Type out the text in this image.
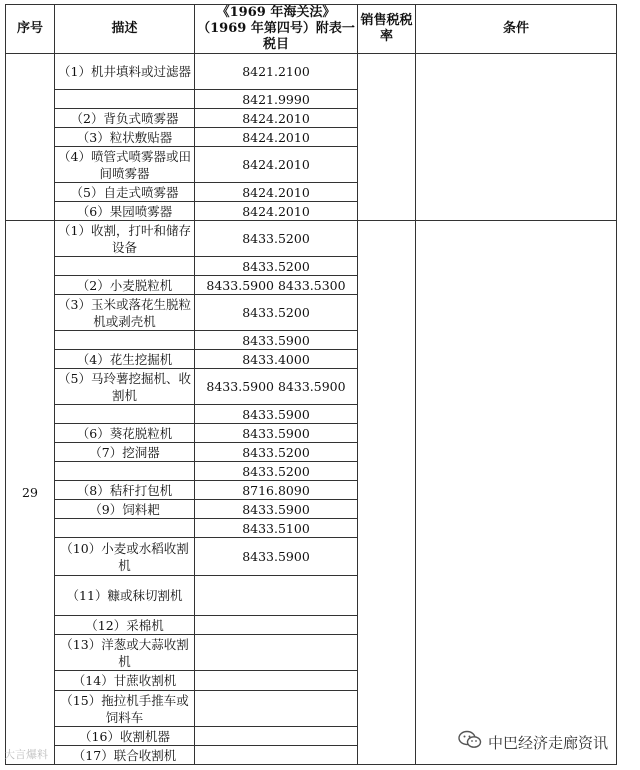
序号	描述	《1969 年海关法》（1969 年第四号）附表一税目	销售税税率	条件
	（1）机井填料或过滤器	8421.2100		
		8421.9990		
	（2）背负式喷雾器	8424.2010		
	（3）粒状敷贴器	8424.2010		
	（4）喷管式喷雾器或田间喷雾器	8424.2010		
	（5）自走式喷雾器	8424.2010		
	（6）果园喷雾器	8424.2010		
29	（1）收割，打叶和储存设备	8433.5200		
		8433.5200		
	（2）小麦脱粒机	8433.5900 8433.5300		
	（3）玉米或落花生脱粒机或剥壳机	8433.5200		
		8433.5900		
	（4）花生挖掘机	8433.4000		
	（5）马玲薯挖掘机、收割机	8433.5900 8433.5900		
		8433.5900		
	（6）葵花脱粒机	8433.5900		
	（7）挖洞器	8433.5200		
		8433.5200		
	（8）秸秆打包机	8716.8090		
	（9）饲料耙	8433.5900		
		8433.5100		
	（10）小麦或水稻收割机	8433.5900		
	（11）糠或秣切割机			
	（12）采棉机			
	（13）洋葱或大蒜收割机			
	（14）甘蔗收割机			
	（15）拖拉机手推车或饲料车			
	（16）收割机器			
	（17）联合收割机			
大言爆料
中巴经济走廊资讯
